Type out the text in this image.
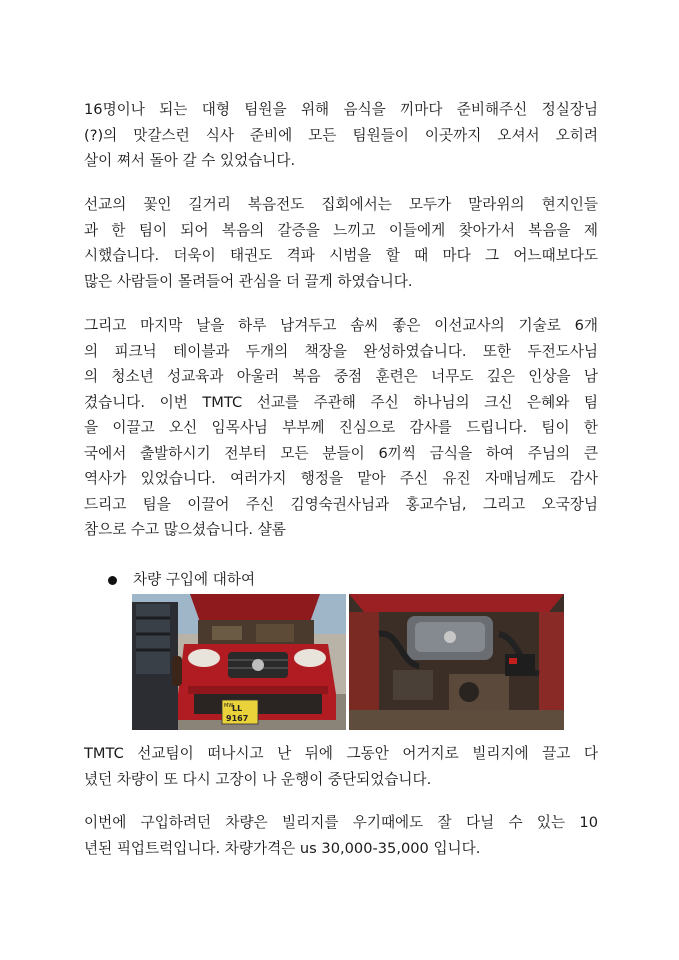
16명이나 되는 대형 팀원을 위해 음식을 끼마다 준비해주신 정실장님
(?)의 맛갈스런 식사 준비에 모든 팀원들이 이곳까지 오셔서 오히려
살이 쪄서 돌아 갈 수 있었습니다.
선교의 꽃인 길거리 복음전도 집회에서는 모두가 말라위의 현지인들
과 한 팀이 되어 복음의 갈증을 느끼고 이들에게 찾아가서 복음을 제
시했습니다. 더욱이 태권도 격파 시범을 할 때 마다 그 어느때보다도
많은 사람들이 몰려들어 관심을 더 끌게 하였습니다.
그리고 마지막 날을 하루 남겨두고 솜씨 좋은 이선교사의 기술로 6개
의 피크닉 테이블과 두개의 책장을 완성하였습니다. 또한 두전도사님
의 청소년 성교육과 아울러 복음 중점 훈련은 너무도 깊은 인상을 남
겼습니다. 이번 TMTC 선교를 주관해 주신 하나님의 크신 은혜와 팀
을 이끌고 오신 임목사님 부부께 진심으로 감사를 드립니다. 팀이 한
국에서 출발하시기 전부터 모든 분들이 6끼씩 금식을 하여 주님의 큰
역사가 있었습니다. 여러가지 행정을 맡아 주신 유진 자매님께도 감사
드리고 팀을 이끌어 주신 김영숙권사님과 홍교수님, 그리고 오국장님
참으로 수고 많으셨습니다. 샬롬
차량 구입에 대하여
MW
LL
9167
TMTC 선교팀이 떠나시고 난 뒤에 그동안 어거지로 빌리지에 끌고 다
녔던 차량이 또 다시 고장이 나 운행이 중단되었습니다.
이번에 구입하려던 차량은 빌리지를 우기때에도 잘 다닐 수 있는 10
년된 픽업트럭입니다. 차량가격은 us 30,000-35,000 입니다.
